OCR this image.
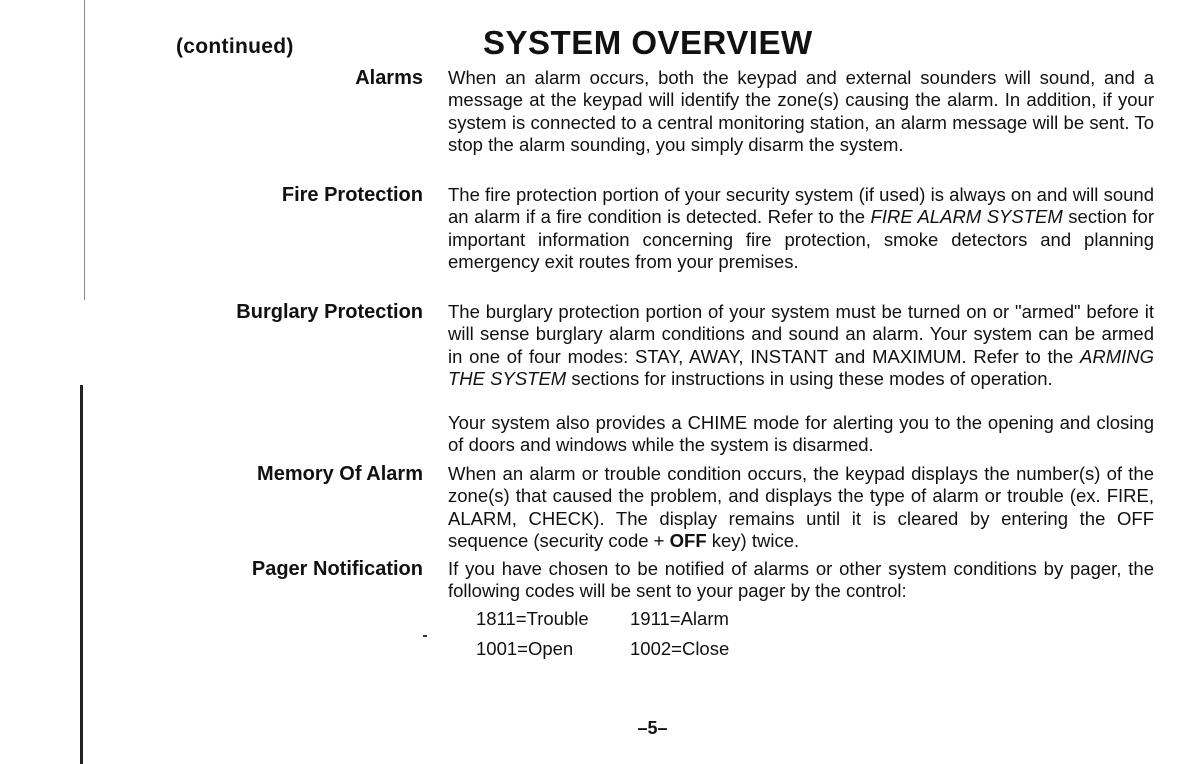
(continued)	SYSTEM OVERVIEW
Alarms When an alarm occurs, both the keypad and external sounders will sound, and a message at the keypad will identify the zone(s) causing the alarm. In addition, if your system is connected to a central monitoring station, an alarm message will be sent. To stop the alarm sounding, you simply disarm the system.

Fire Protection The fire protection portion of your security system (if used) is always on and will sound an alarm if a fire condition is detected. Refer to the FIRE ALARM SYSTEM section for important information concerning fire protection, smoke detectors and planning emergency exit routes from your premises.

Burglary Protection The burglary protection portion of your system must be turned on or "armed" before it will sense burglary alarm conditions and sound an alarm. Your system can be armed in one of four modes: STAY, AWAY, INSTANT and MAXIMUM. Refer to the ARMING THE SYSTEM sections for instructions in using these modes of operation.

Your system also provides a CHIME mode for alerting you to the opening and closing of doors and windows while the system is disarmed.

Memory Of Alarm When an alarm or trouble condition occurs, the keypad displays the number(s) of the zone(s) that caused the problem, and displays the type of alarm or trouble (ex. FIRE, ALARM, CHECK). The display remains until it is cleared by entering the OFF sequence (security code + OFF key) twice.

Pager Notification If you have chosen to be notified of alarms or other system conditions by pager, the following codes will be sent to your pager by the control:

1811=Trouble 1911=Alarm
1001=Open	1002=Close
–5–
